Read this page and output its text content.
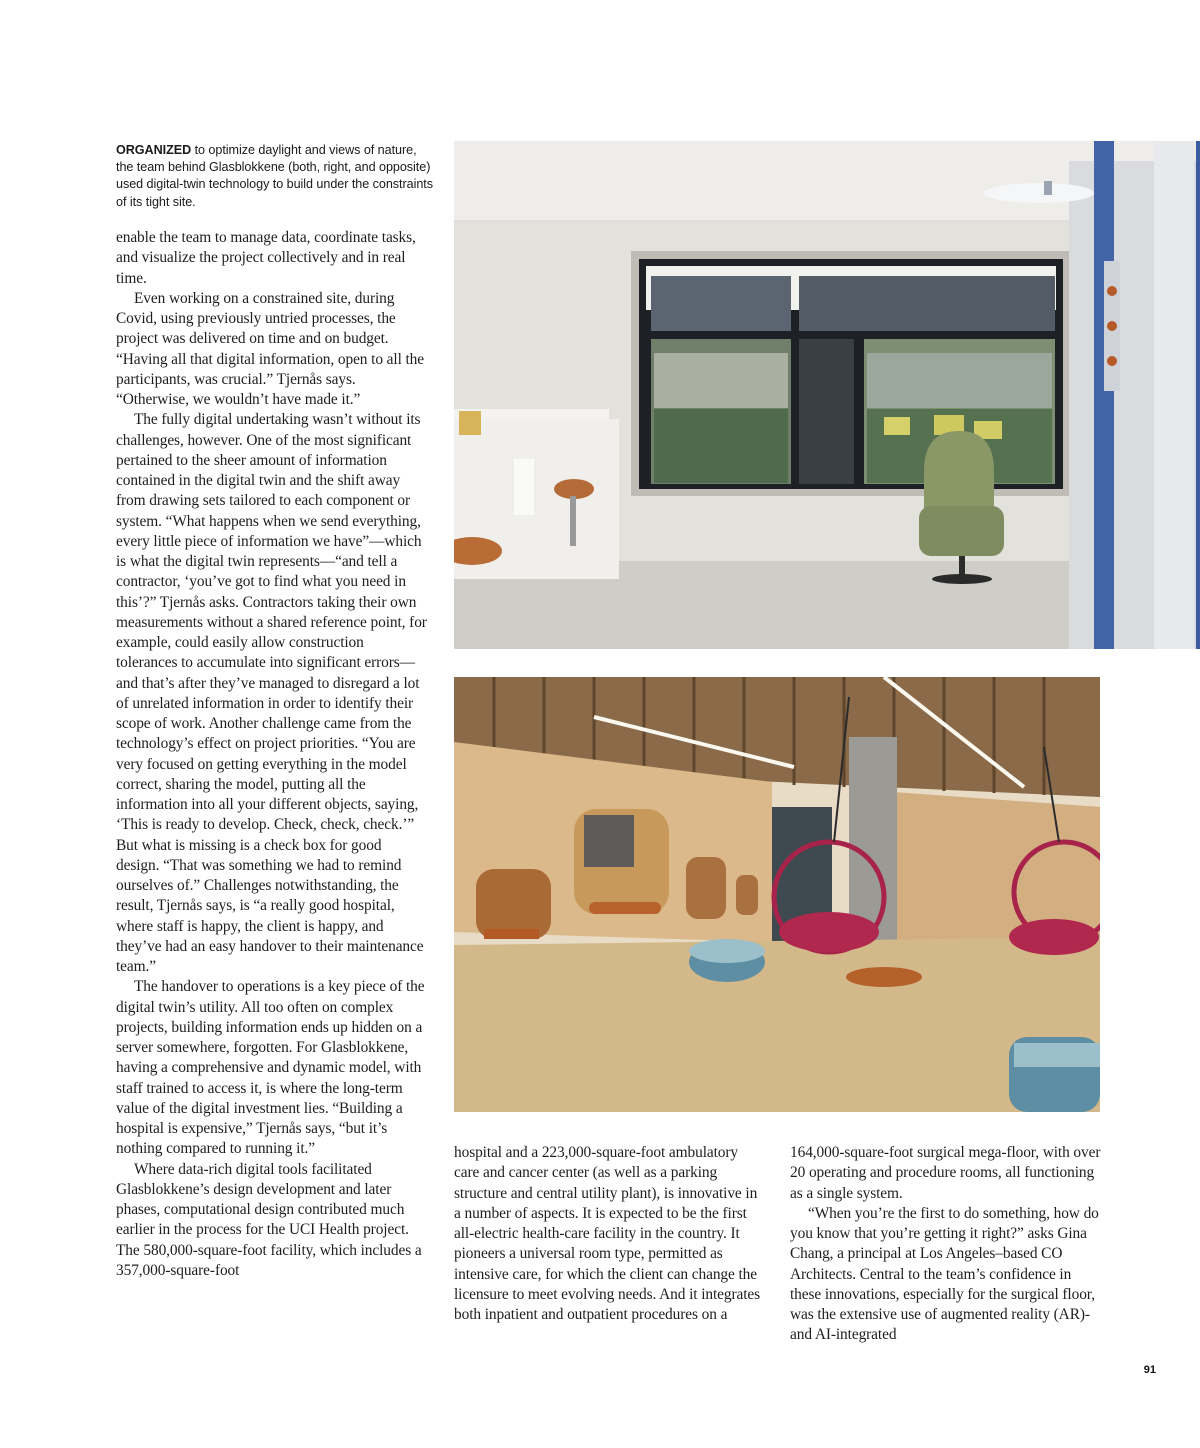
ORGANIZED to optimize daylight and views of nature, the team behind Glasblokkene (both, right, and opposite) used digital-twin technology to build under the constraints of its tight site.

enable the team to manage data, coordinate tasks, and visualize the project collectively and in real time.

Even working on a constrained site, during Covid, using previously untried processes, the project was delivered on time and on budget. “Having all that digital information, open to all the participants, was crucial.” Tjernås says. “Otherwise, we wouldn’t have made it.”

The fully digital undertaking wasn’t without its challenges, however. One of the most significant pertained to the sheer amount of information contained in the digital twin and the shift away from drawing sets tailored to each component or system. “What happens when we send everything, every little piece of information we have”—which is what the digital twin represents—“and tell a contractor, ‘you’ve got to find what you need in this’?” Tjernås asks. Contractors taking their own measurements without a shared reference point, for example, could easily allow construction tolerances to accumulate into significant errors—and that’s after they’ve managed to disregard a lot of unrelated information in order to identify their scope of work. Another challenge came from the technology’s effect on project priorities. “You are very focused on getting everything in the model correct, sharing the model, putting all the information into all your different objects, saying, ‘This is ready to develop. Check, check, check.’” But what is missing is a check box for good design. “That was something we had to remind ourselves of.” Challenges notwithstanding, the result, Tjernås says, is “a really good hospital, where staff is happy, the client is happy, and they’ve had an easy handover to their maintenance team.”

The handover to operations is a key piece of the digital twin’s utility. All too often on complex projects, building information ends up hidden on a server somewhere, forgotten. For Glasblokkene, having a comprehensive and dynamic model, with staff trained to access it, is where the long-term value of the digital investment lies. “Building a hospital is expensive,” Tjernås says, “but it’s nothing compared to running it.”

Where data-rich digital tools facilitated Glasblokkene’s design development and later phases, computational design contributed much earlier in the process for the UCI Health project. The 580,000-square-foot facility, which includes a 357,000-square-foot

hospital and a 223,000-square-foot ambulatory care and cancer center (as well as a parking structure and central utility plant), is innovative in a number of aspects. It is expected to be the first all-electric health-care facility in the country. It pioneers a universal room type, permitted as intensive care, for which the client can change the licensure to meet evolving needs. And it integrates both inpatient and outpatient procedures on a

164,000-square-foot surgical mega-floor, with over 20 operating and procedure rooms, all functioning as a single system.

“When you’re the first to do something, how do you know that you’re getting it right?” asks Gina Chang, a principal at Los Angeles–based CO Architects. Central to the team’s confidence in these innovations, especially for the surgical floor, was the extensive use of augmented reality (AR)- and AI-integrated

91
